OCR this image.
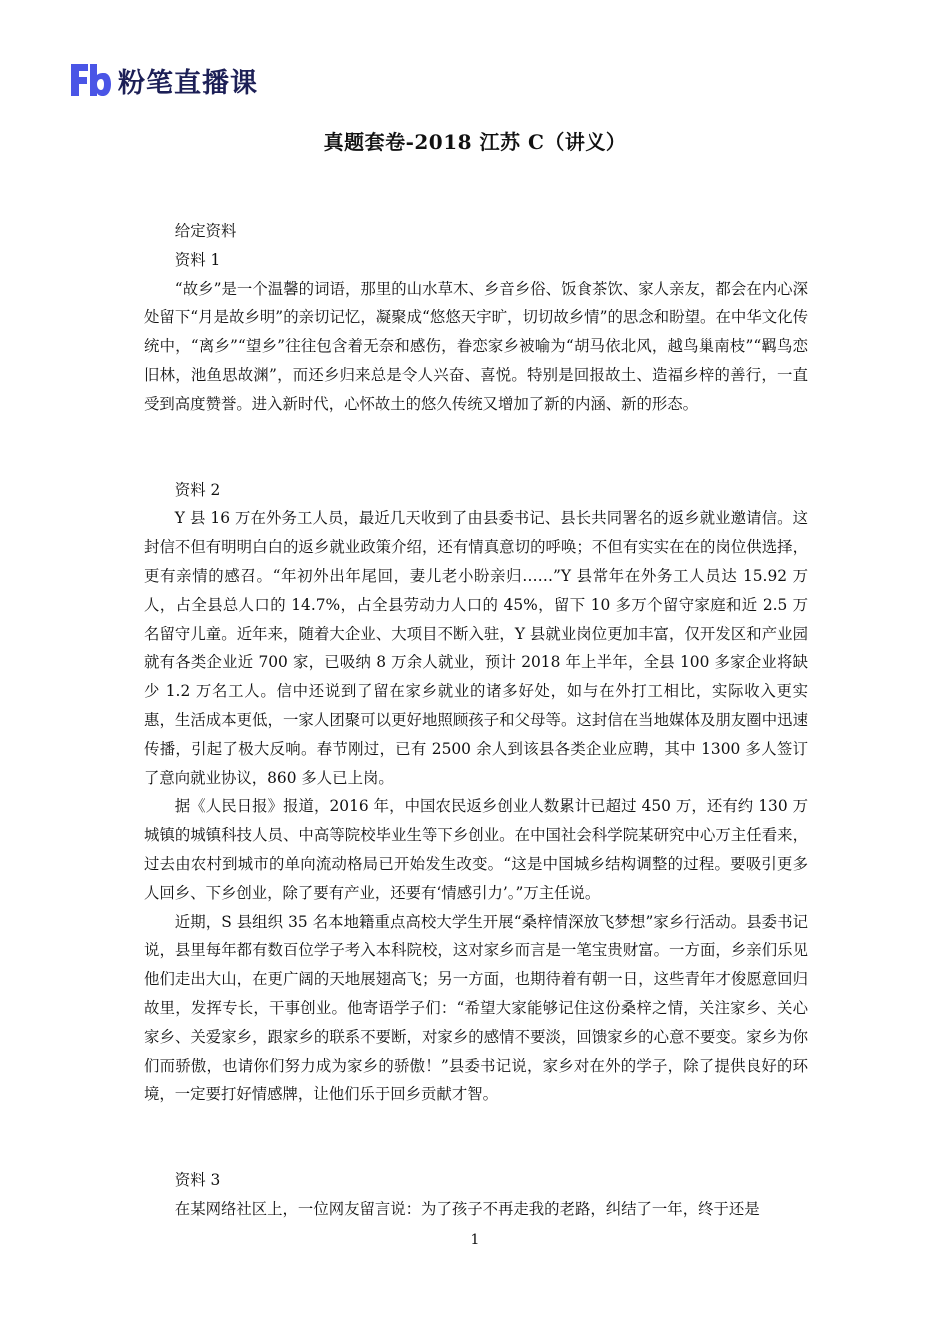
粉笔直播课
真题套卷-2018 江苏 C（讲义）
给定资料
资料 1

“故乡”是一个温馨的词语，那里的山水草木、乡音乡俗、饭食茶饮、家人亲友，都会在内心深处留下“月是故乡明”的亲切记忆，凝聚成“悠悠天宇旷，切切故乡情”的思念和盼望。在中华文化传统中，“离乡”“望乡”往往包含着无奈和感伤，眷恋家乡被喻为“胡马依北风，越鸟巢南枝”“羁鸟恋旧林，池鱼思故渊”，而还乡归来总是令人兴奋、喜悦。特别是回报故土、造福乡梓的善行，一直受到高度赞誉。进入新时代，心怀故土的悠久传统又增加了新的内涵、新的形态。

资料 2

Y 县 16 万在外务工人员，最近几天收到了由县委书记、县长共同署名的返乡就业邀请信。这封信不但有明明白白的返乡就业政策介绍，还有情真意切的呼唤；不但有实实在在的岗位供选择，更有亲情的感召。“年初外出年尾回，妻儿老小盼亲归……”Y 县常年在外务工人员达 15.92 万人，占全县总人口的 14.7%，占全县劳动力人口的 45%，留下 10 多万个留守家庭和近 2.5 万名留守儿童。近年来，随着大企业、大项目不断入驻，Y 县就业岗位更加丰富，仅开发区和产业园就有各类企业近 700 家，已吸纳 8 万余人就业，预计 2018 年上半年，全县 100 多家企业将缺少 1.2 万名工人。信中还说到了留在家乡就业的诸多好处，如与在外打工相比，实际收入更实惠，生活成本更低，一家人团聚可以更好地照顾孩子和父母等。这封信在当地媒体及朋友圈中迅速传播，引起了极大反响。春节刚过，已有 2500 余人到该县各类企业应聘，其中 1300 多人签订了意向就业协议，860 多人已上岗。

据《人民日报》报道，2016 年，中国农民返乡创业人数累计已超过 450 万，还有约 130 万城镇的城镇科技人员、中高等院校毕业生等下乡创业。在中国社会科学院某研究中心万主任看来，过去由农村到城市的单向流动格局已开始发生改变。“这是中国城乡结构调整的过程。要吸引更多人回乡、下乡创业，除了要有产业，还要有‘情感引力’。”万主任说。

近期，S 县组织 35 名本地籍重点高校大学生开展“桑梓情深放飞梦想”家乡行活动。县委书记说，县里每年都有数百位学子考入本科院校，这对家乡而言是一笔宝贵财富。一方面，乡亲们乐见他们走出大山，在更广阔的天地展翅高飞；另一方面，也期待着有朝一日，这些青年才俊愿意回归故里，发挥专长，干事创业。他寄语学子们：“希望大家能够记住这份桑梓之情，关注家乡、关心家乡、关爱家乡，跟家乡的联系不要断，对家乡的感情不要淡，回馈家乡的心意不要变。家乡为你们而骄傲，也请你们努力成为家乡的骄傲！”县委书记说，家乡对在外的学子，除了提供良好的环境，一定要打好情感牌，让他们乐于回乡贡献才智。

资料 3

在某网络社区上，一位网友留言说：为了孩子不再走我的老路，纠结了一年，终于还是

1
